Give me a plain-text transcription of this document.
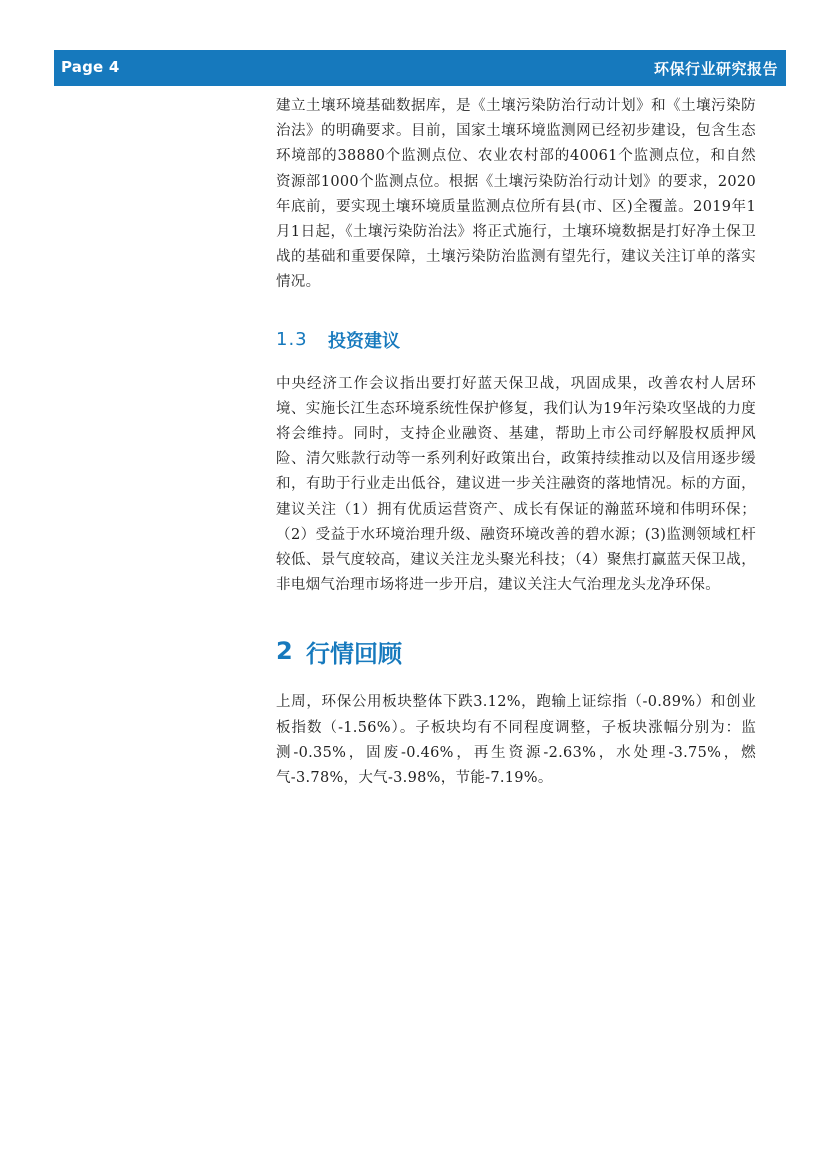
Page 4	环保行业研究报告

建立土壤环境基础数据库，是《土壤污染防治行动计划》和《土壤污染防治法》的明确要求。目前，国家土壤环境监测网已经初步建设，包含生态环境部的38880个监测点位、农业农村部的40061个监测点位，和自然资源部1000个监测点位。根据《土壤污染防治行动计划》的要求，2020年底前，要实现土壤环境质量监测点位所有县(市、区)全覆盖。2019年1月1日起，《土壤污染防治法》将正式施行，土壤环境数据是打好净土保卫战的基础和重要保障，土壤污染防治监测有望先行，建议关注订单的落实情况。

1.3	投资建议

中央经济工作会议指出要打好蓝天保卫战，巩固成果，改善农村人居环境、实施长江生态环境系统性保护修复，我们认为19年污染攻坚战的力度将会维持。同时，支持企业融资、基建，帮助上市公司纾解股权质押风险、清欠账款行动等一系列利好政策出台，政策持续推动以及信用逐步缓和，有助于行业走出低谷，建议进一步关注融资的落地情况。标的方面，建议关注（1）拥有优质运营资产、成长有保证的瀚蓝环境和伟明环保；（2）受益于水环境治理升级、融资环境改善的碧水源；(3)监测领域杠杆较低、景气度较高，建议关注龙头聚光科技；（4）聚焦打赢蓝天保卫战，非电烟气治理市场将进一步开启，建议关注大气治理龙头龙净环保。

2 行情回顾

上周，环保公用板块整体下跌3.12%，跑输上证综指（-0.89%）和创业板指数（-1.56%）。子板块均有不同程度调整，子板块涨幅分别为：监测-0.35%，固废-0.46%，再生资源-2.63%，水处理-3.75%，燃气-3.78%，大气-3.98%，节能-7.19%。
